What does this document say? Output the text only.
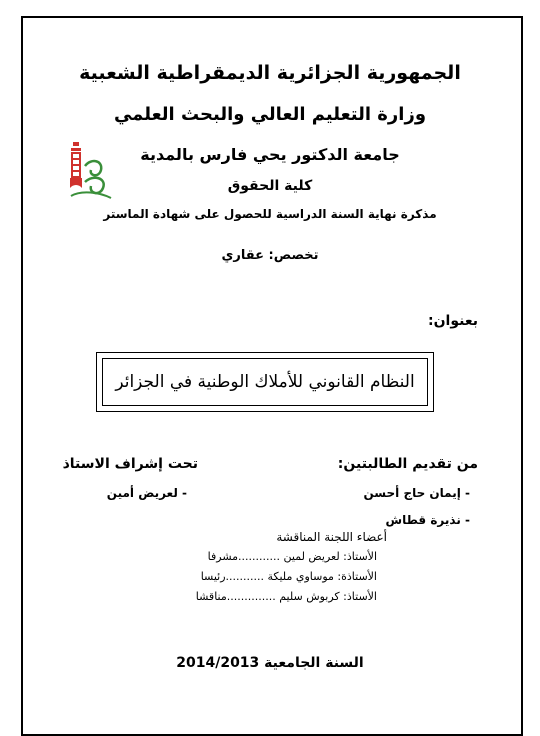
الجمهورية الجزائرية الديمقراطية الشعبية
وزارة التعليم العالي والبحث العلمي
جامعة الدكتور يحي فارس بالمدية
كلية الحقوق
مذكرة نهاية السنة الدراسية للحصول على شهادة الماستر
تخصص: عقاري
بعنوان:
النظام القانوني للأملاك الوطنية في الجزائر
من تقديم الطالبتين:
- إيمان حاج أحسن
- نذيرة قطاش
تحت إشراف الاستاذ
- لعريض أمين
أعضاء اللجنة المناقشة
الأستاذ: لعريض لمين ............مشرفا
الأستاذة: موساوي مليكة ...........رئيسا
الأستاذ: كربوش سليم ..............مناقشا
السنة الجامعية 2014/2013
